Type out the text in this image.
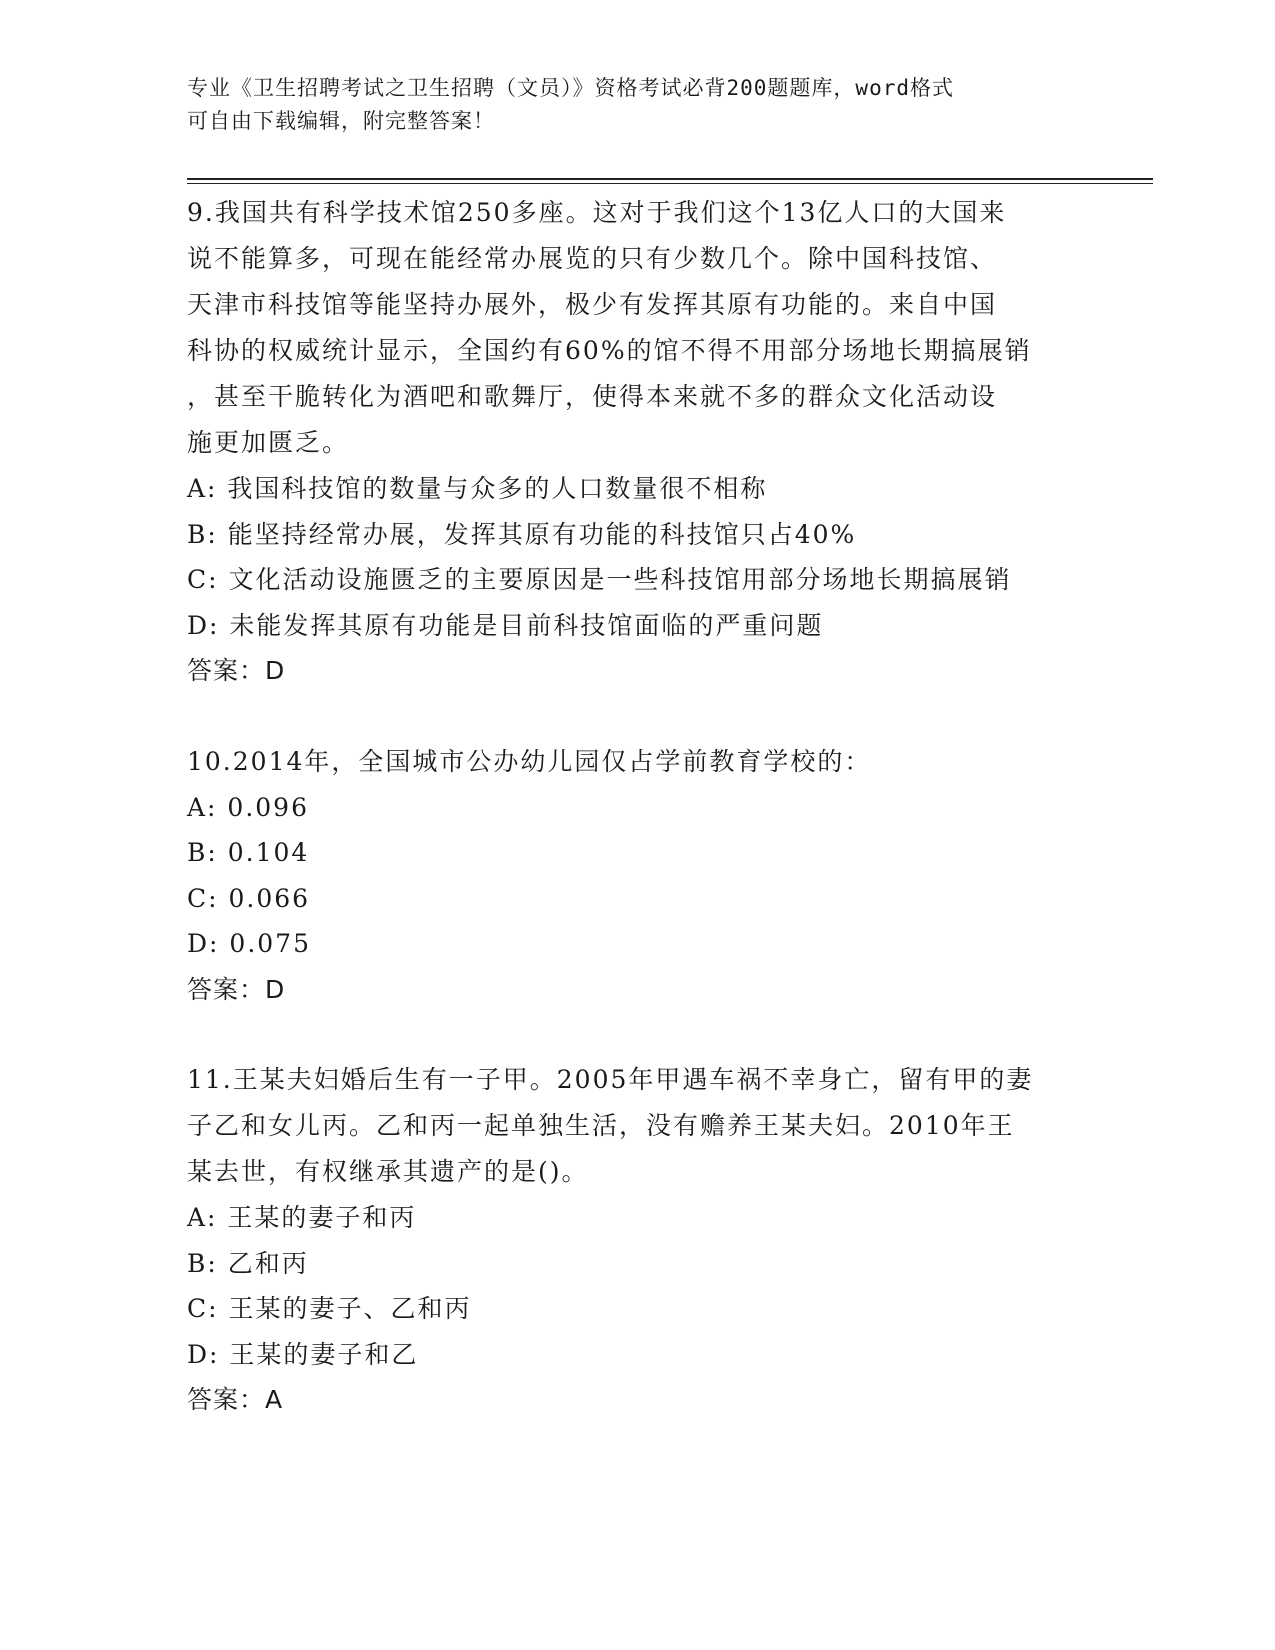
专业《卫生招聘考试之卫生招聘（文员）》资格考试必背200题题库，word格式
可自由下载编辑，附完整答案！
9.我国共有科学技术馆250多座。这对于我们这个13亿人口的大国来
说不能算多，可现在能经常办展览的只有少数几个。除中国科技馆、
天津市科技馆等能坚持办展外，极少有发挥其原有功能的。来自中国
科协的权威统计显示，全国约有60%的馆不得不用部分场地长期搞展销
，甚至干脆转化为酒吧和歌舞厅，使得本来就不多的群众文化活动设
施更加匮乏。
A: 我国科技馆的数量与众多的人口数量很不相称
B: 能坚持经常办展，发挥其原有功能的科技馆只占40%
C: 文化活动设施匮乏的主要原因是一些科技馆用部分场地长期搞展销
D: 未能发挥其原有功能是目前科技馆面临的严重问题
答案：D
10.2014年，全国城市公办幼儿园仅占学前教育学校的：
A: 0.096
B: 0.104
C: 0.066
D: 0.075
答案：D
11.王某夫妇婚后生有一子甲。2005年甲遇车祸不幸身亡，留有甲的妻
子乙和女儿丙。乙和丙一起单独生活，没有赡养王某夫妇。2010年王
某去世，有权继承其遗产的是()。
A: 王某的妻子和丙
B: 乙和丙
C: 王某的妻子、乙和丙
D: 王某的妻子和乙
答案：A
